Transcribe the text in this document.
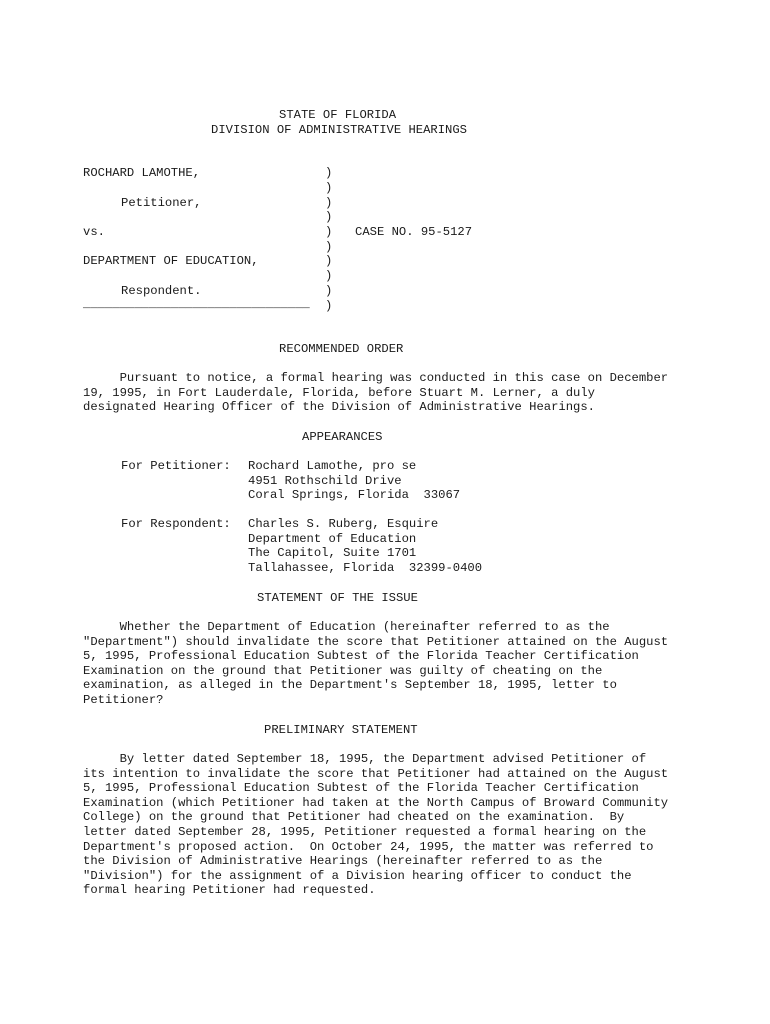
STATE OF FLORIDA
DIVISION OF ADMINISTRATIVE HEARINGS
ROCHARD LAMOTHE,
Petitioner,
vs.
DEPARTMENT OF EDUCATION,
Respondent.
_______________________________
)
)
)
)
)
)
)
)
)
)
CASE NO. 95-5127
RECOMMENDED ORDER
Pursuant to notice, a formal hearing was conducted in this case on December
19, 1995, in Fort Lauderdale, Florida, before Stuart M. Lerner, a duly
designated Hearing Officer of the Division of Administrative Hearings.
APPEARANCES
For Petitioner: Rochard Lamothe, pro se
4951 Rothschild Drive
Coral Springs, Florida  33067
For Respondent: Charles S. Ruberg, Esquire
Department of Education
The Capitol, Suite 1701
Tallahassee, Florida  32399-0400
STATEMENT OF THE ISSUE
Whether the Department of Education (hereinafter referred to as the
"Department") should invalidate the score that Petitioner attained on the August
5, 1995, Professional Education Subtest of the Florida Teacher Certification
Examination on the ground that Petitioner was guilty of cheating on the
examination, as alleged in the Department's September 18, 1995, letter to
Petitioner?
PRELIMINARY STATEMENT
By letter dated September 18, 1995, the Department advised Petitioner of
its intention to invalidate the score that Petitioner had attained on the August
5, 1995, Professional Education Subtest of the Florida Teacher Certification
Examination (which Petitioner had taken at the North Campus of Broward Community
College) on the ground that Petitioner had cheated on the examination.  By
letter dated September 28, 1995, Petitioner requested a formal hearing on the
Department's proposed action.  On October 24, 1995, the matter was referred to
the Division of Administrative Hearings (hereinafter referred to as the
"Division") for the assignment of a Division hearing officer to conduct the
formal hearing Petitioner had requested.
